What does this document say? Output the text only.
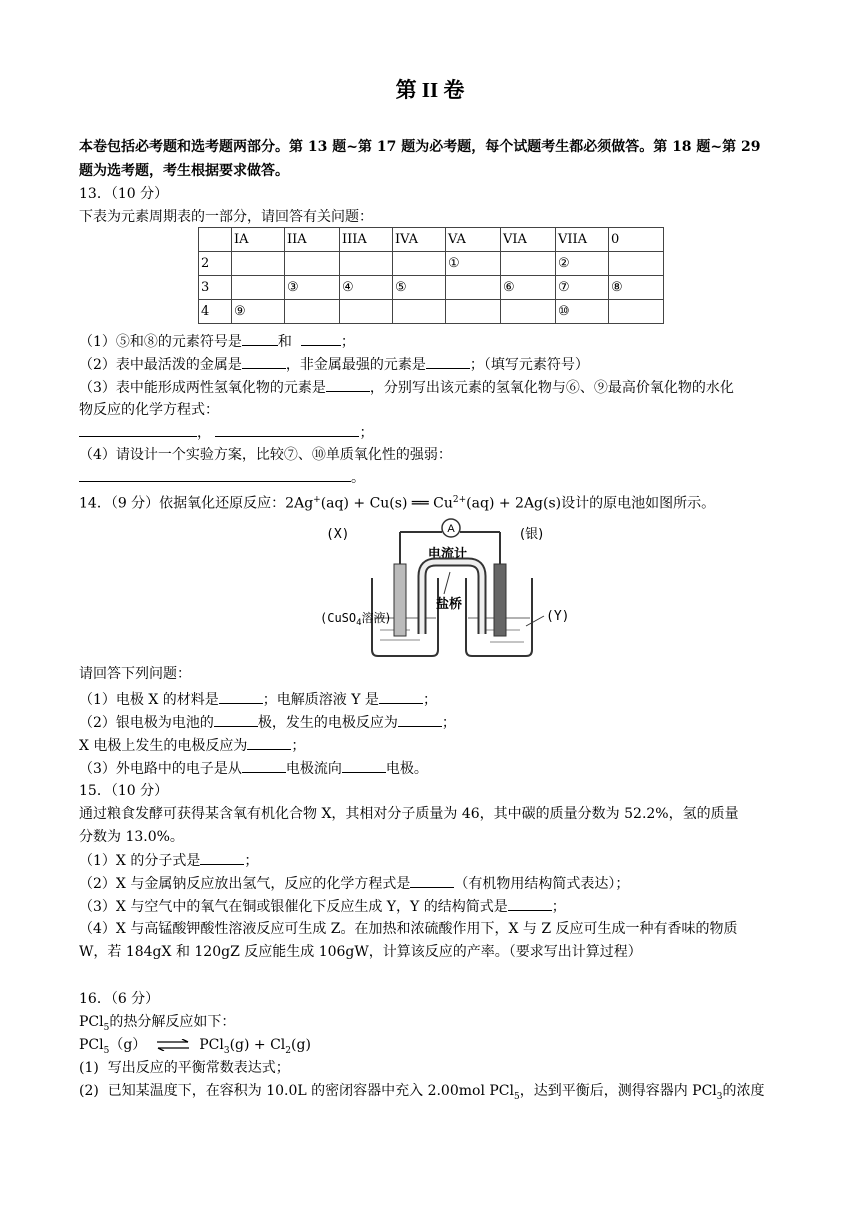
第 II 卷
本卷包括必考题和选考题两部分。第 13 题~第 17 题为必考题，每个试题考生都必须做答。第 18 题~第 29
题为选考题，考生根据要求做答。
13．（10 分）
下表为元素周期表的一部分，请回答有关问题：
	IA	IIA	IIIA	IVA	VA	VIA	VIIA	0
2					①		②	
3		③	④	⑤		⑥	⑦	⑧
4	⑨						⑩	
（1）⑤和⑧的元素符号是	和	；
（2）表中最活泼的金属是	，非金属最强的元素是	；（填写元素符号）
（3）表中能形成两性氢氧化物的元素是	，分别写出该元素的氢氧化物与⑥、⑨最高价氧化物的水化
物反应的化学方程式：
，	；
（4）请设计一个实验方案，比较⑦、⑩单质氧化性的强弱：
。
14．（9 分）依据氧化还原反应：2Ag+(aq) + Cu(s) ══ $Cu^{2+}(aq) + 2Ag(s)$设计的原电池如图所示。
A
电流计
(X)	(银)
盐桥
(CuSO$_4$溶液)	(Y)
请回答下列问题：
（1）电极 X 的材料是	；电解质溶液 Y 是	；
（2）银电极为电池的	极，发生的电极反应为	；
X 电极上发生的电极反应为	；
（3）外电路中的电子是从	电极流向	电极。
15．（10 分）
通过粮食发酵可获得某含氧有机化合物 X，其相对分子质量为 46，其中碳的质量分数为 52.2%，氢的质量
分数为 13.0%。
（1）X 的分子式是	；
（2）X 与金属钠反应放出氢气，反应的化学方程式是	（有机物用结构简式表达）；
（3）X 与空气中的氧气在铜或银催化下反应生成 Y，Y 的结构简式是	；
（4）X 与高锰酸钾酸性溶液反应可生成 Z。在加热和浓硫酸作用下，X 与 Z 反应可生成一种有香味的物质
W，若 184gX 和 120gZ 反应能生成 106gW，计算该反应的产率。（要求写出计算过程）
16．（6 分）
PCl$_5$的热分解反应如下：
PCl$_5$（g） ⇌ $PCl_3(g) + Cl_2(g)$
(1) 写出反应的平衡常数表达式；
(2) 已知某温度下，在容积为 10.0L 的密闭容器中充入 2.00mol PCl$_5$，达到平衡后，测得容器内 PCl$_3$的浓度
